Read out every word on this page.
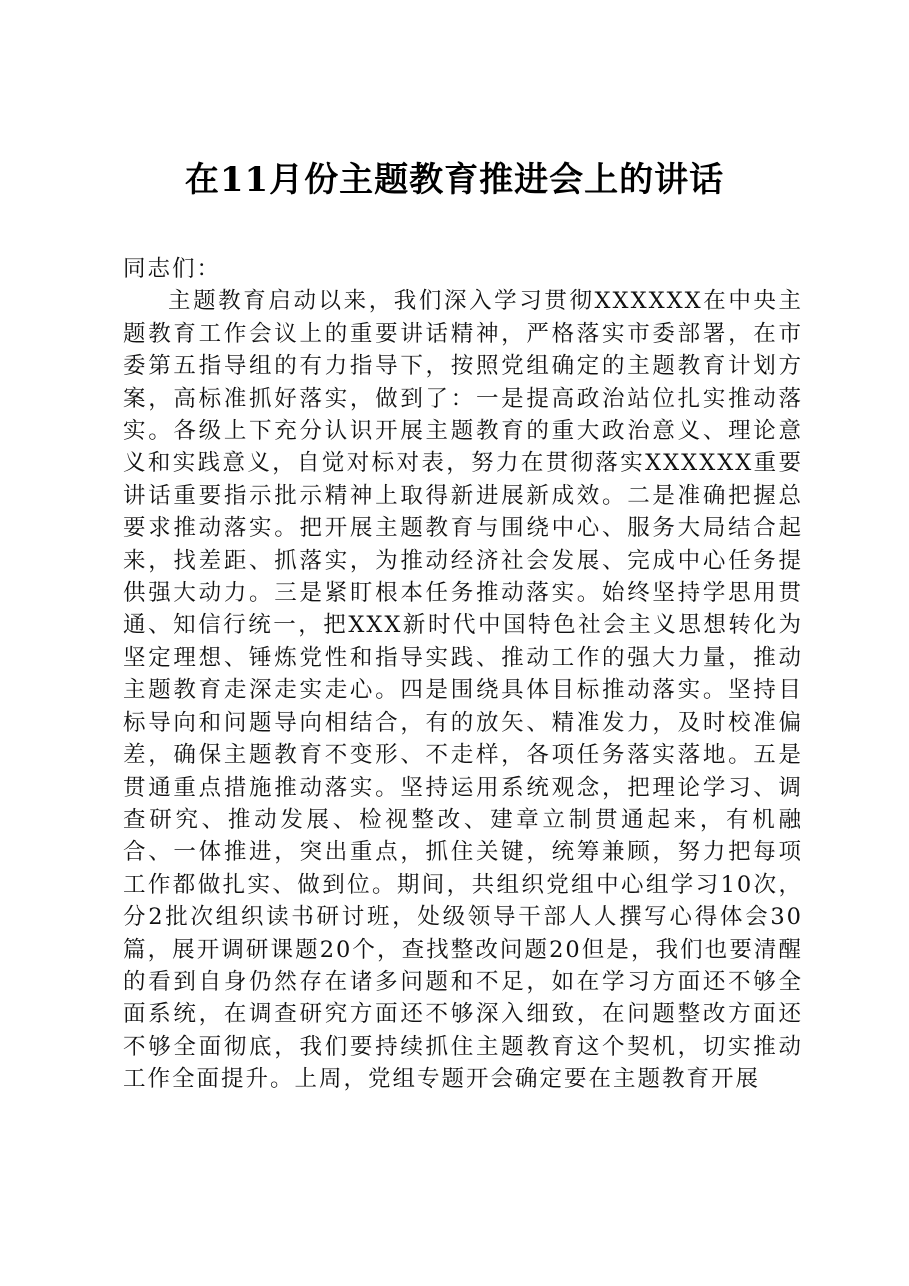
在11月份主题教育推进会上的讲话

同志们：

主题教育启动以来，我们深入学习贯彻XXXXXX在中央主题教育工作会议上的重要讲话精神，严格落实市委部署，在市委第五指导组的有力指导下，按照党组确定的主题教育计划方案，高标准抓好落实，做到了：一是提高政治站位扎实推动落实。各级上下充分认识开展主题教育的重大政治意义、理论意义和实践意义，自觉对标对表，努力在贯彻落实XXXXXX重要讲话重要指示批示精神上取得新进展新成效。二是准确把握总要求推动落实。把开展主题教育与围绕中心、服务大局结合起来，找差距、抓落实，为推动经济社会发展、完成中心任务提供强大动力。三是紧盯根本任务推动落实。始终坚持学思用贯通、知信行统一，把XXX新时代中国特色社会主义思想转化为坚定理想、锤炼党性和指导实践、推动工作的强大力量，推动主题教育走深走实走心。四是围绕具体目标推动落实。坚持目标导向和问题导向相结合，有的放矢、精准发力，及时校准偏差，确保主题教育不变形、不走样，各项任务落实落地。五是贯通重点措施推动落实。坚持运用系统观念，把理论学习、调查研究、推动发展、检视整改、建章立制贯通起来，有机融合、一体推进，突出重点，抓住关键，统筹兼顾，努力把每项工作都做扎实、做到位。期间，共组织党组中心组学习10次，分2批次组织读书研讨班，处级领导干部人人撰写心得体会30篇，展开调研课题20个，查找整改问题20但是，我们也要清醒的看到自身仍然存在诸多问题和不足，如在学习方面还不够全面系统，在调查研究方面还不够深入细致，在问题整改方面还不够全面彻底，我们要持续抓住主题教育这个契机，切实推动工作全面提升。上周，党组专题开会确定要在主题教育开展
